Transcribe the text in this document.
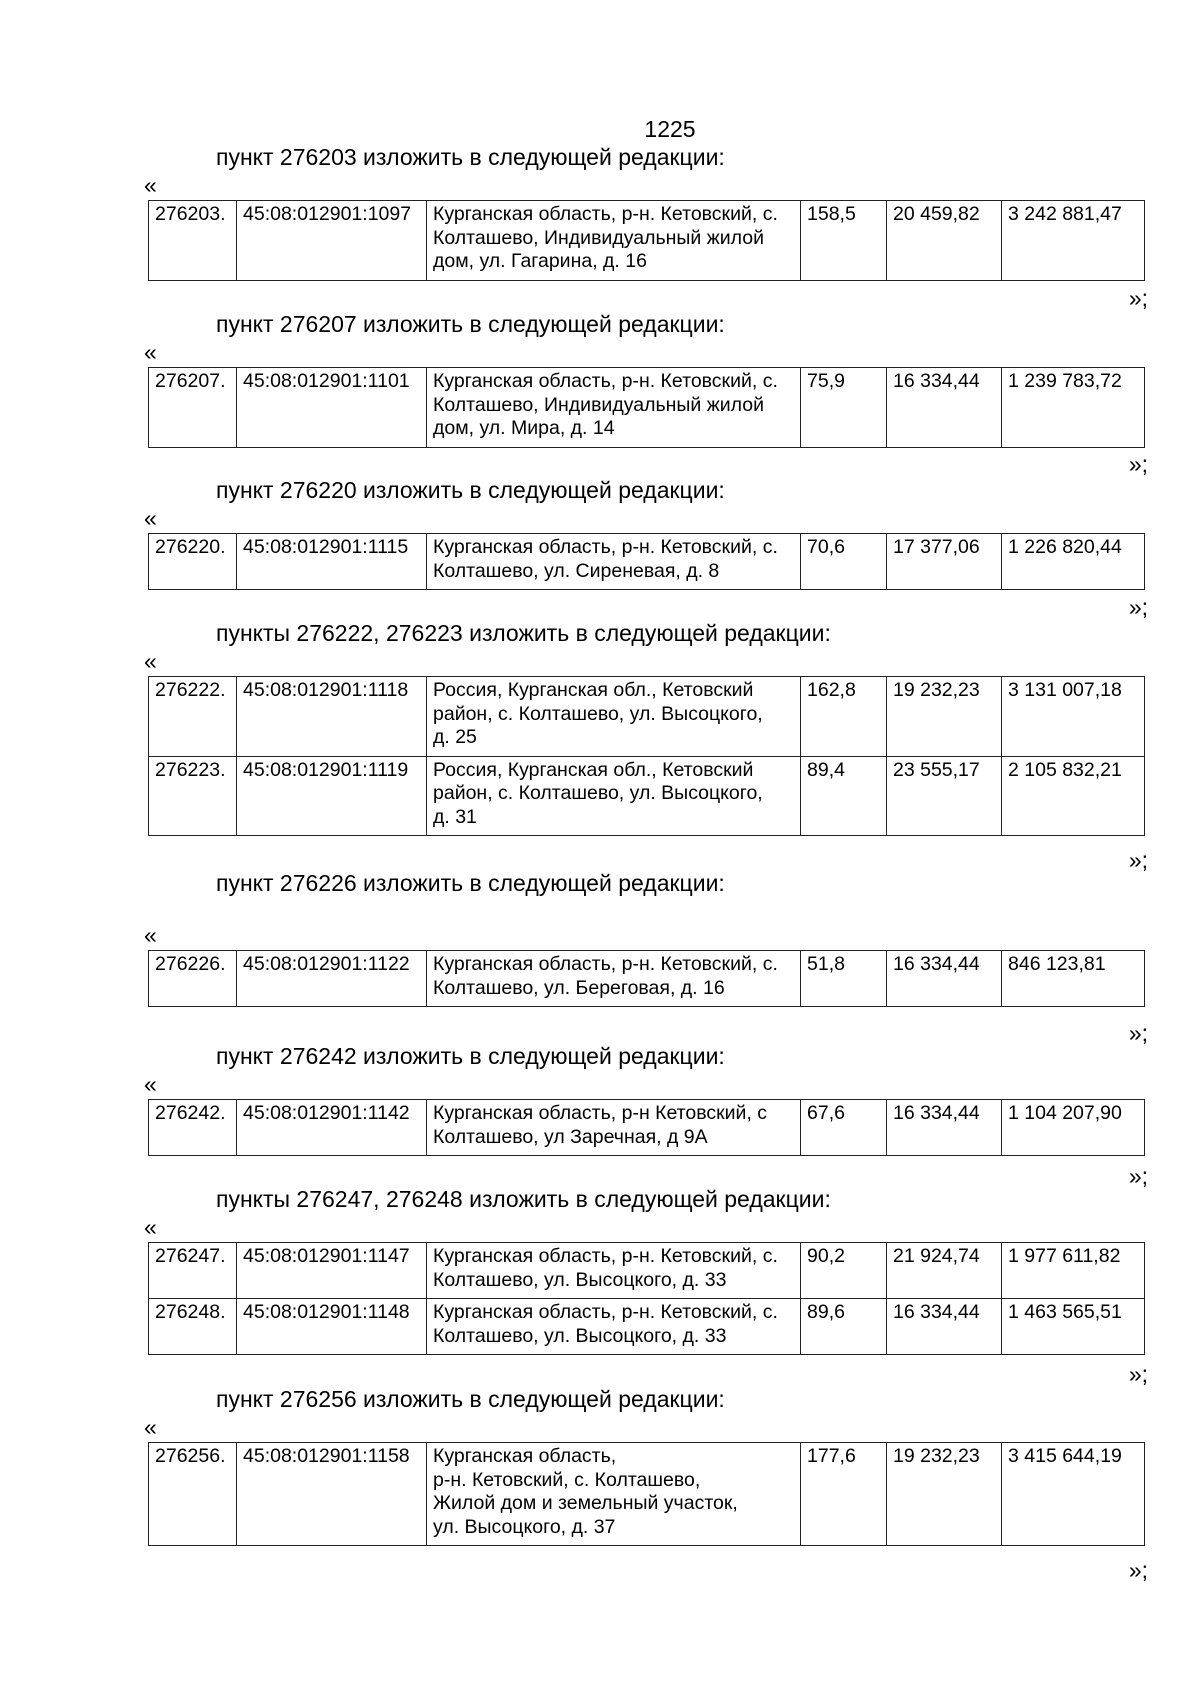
1225
пункт 276203 изложить в следующей редакции:
«
276203.	45:08:012901:1097	Курганская область, р-н. Кетовский, с.
Колташево, Индивидуальный жилой
дом, ул. Гагарина, д. 16
	158,5	20 459,82	3 242 881,47
»;
пункт 276207 изложить в следующей редакции:
«
276207.	45:08:012901:1101	Курганская область, р-н. Кетовский, с.
Колташево, Индивидуальный жилой
дом, ул. Мира, д. 14
	75,9	16 334,44	1 239 783,72
»;
пункт 276220 изложить в следующей редакции:
«
276220.	45:08:012901:1115	Курганская область, р-н. Кетовский, с.
Колташево, ул. Сиреневая, д. 8
	70,6	17 377,06	1 226 820,44
»;
пункты 276222, 276223 изложить в следующей редакции:
«
276222.	45:08:012901:1118	Россия, Курганская обл., Кетовский
район, с. Колташево, ул. Высоцкого,
д. 25	162,8	19 232,23	3 131 007,18
276223.	45:08:012901:1119	Россия, Курганская обл., Кетовский
район, с. Колташево, ул. Высоцкого,
д. 31	89,4	23 555,17	2 105 832,21
»;
пункт 276226 изложить в следующей редакции:
«
276226.	45:08:012901:1122	Курганская область, р-н. Кетовский, с.
Колташево, ул. Береговая, д. 16
	51,8	16 334,44	846 123,81
»;
пункт 276242 изложить в следующей редакции:
«
276242.	45:08:012901:1142	Курганская область, р-н Кетовский, с
Колташево, ул Заречная, д 9А
	67,6	16 334,44	1 104 207,90
»;
пункты 276247, 276248 изложить в следующей редакции:
«
276247.	45:08:012901:1147	Курганская область, р-н. Кетовский, с.
Колташево, ул. Высоцкого, д. 33	90,2	21 924,74	1 977 611,82
276248.	45:08:012901:1148	Курганская область, р-н. Кетовский, с.
Колташево, ул. Высоцкого, д. 33	89,6	16 334,44	1 463 565,51
»;
пункт 276256 изложить в следующей редакции:
«
276256.	45:08:012901:1158	Курганская область,
р-н. Кетовский, с. Колташево,
Жилой дом и земельный участок,
ул. Высоцкого, д. 37
	177,6	19 232,23	3 415 644,19
»;
